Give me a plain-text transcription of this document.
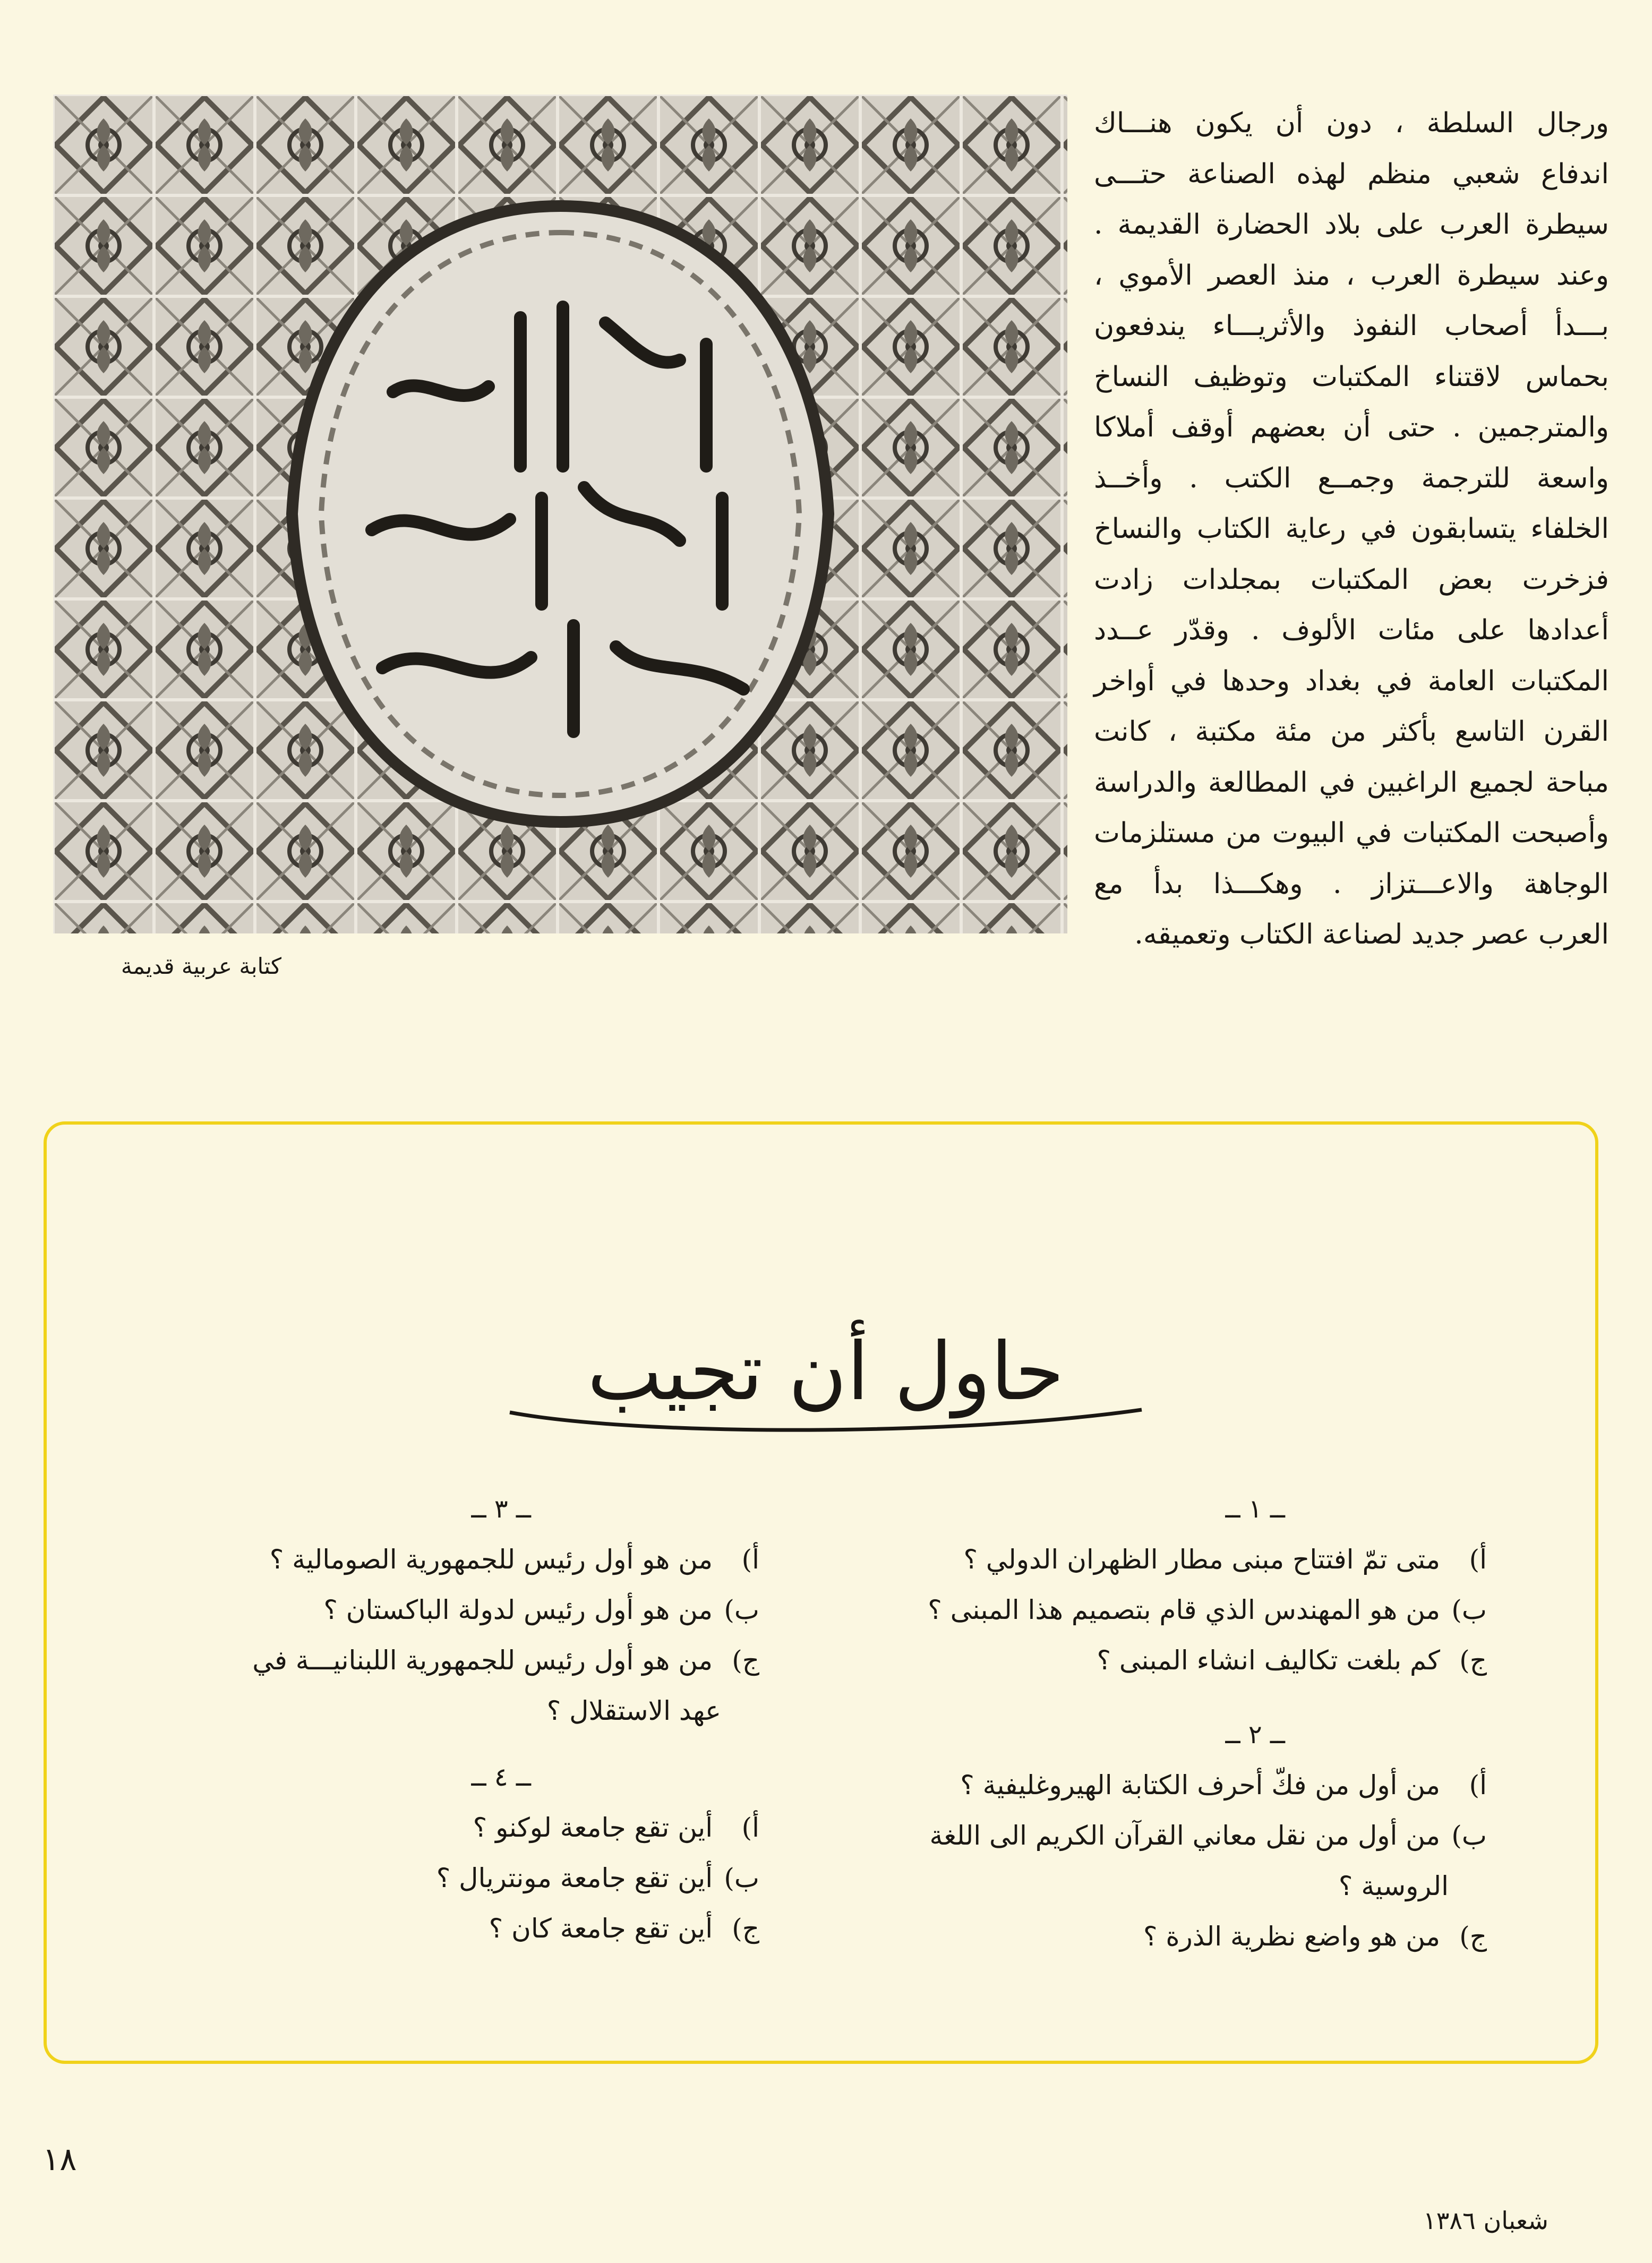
كتابة عربية قديمة
ورجال السلطة ، دون أن يكون هنـــاك
اندفاع شعبي منظم لهذه الصناعة حتـــى
سيطرة العرب على بلاد الحضارة القديمة .
وعند سيطرة العرب ، منذ العصر الأموي ،
بـــدأ أصحاب النفوذ والأثريـــاء يندفعون
بحماس لاقتناء المكتبات وتوظيف النساخ
والمترجمين . حتى أن بعضهم أوقف أملاكا
واسعة للترجمة وجمــع الكتب . وأخــذ
الخلفاء يتسابقون في رعاية الكتاب والنساخ
فزخرت بعض المكتبات بمجلدات زادت
أعدادها على مئات الألوف . وقدّر عــدد
المكتبات العامة في بغداد وحدها في أواخر
القرن التاسع بأكثر من مئة مكتبة ، كانت
مباحة لجميع الراغبين في المطالعة والدراسة
وأصبحت المكتبات في البيوت من مستلزمات
الوجاهة والاعـــتزاز . وهكـــذا بدأ مع
العرب عصر جديد لصناعة الكتاب وتعميقه.
حاول أن تجيب
ــ ١ ــ
أ) متى تمّ افتتاح مبنى مطار الظهران الدولي ؟
ب) من هو المهندس الذي قام بتصميم هذا المبنى ؟
ج) كم بلغت تكاليف انشاء المبنى ؟
ــ ٢ ــ
أ) من أول من فكّ أحرف الكتابة الهيروغليفية ؟
ب) من أول من نقل معاني القرآن الكريم الى اللغة
الروسية ؟
ج) من هو واضع نظرية الذرة ؟
ــ ٣ ــ
أ) من هو أول رئيس للجمهورية الصومالية ؟
ب) من هو أول رئيس لدولة الباكستان ؟
ج) من هو أول رئيس للجمهورية اللبنانيـــة في
عهد الاستقلال ؟
ــ ٤ ــ
أ) أين تقع جامعة لوكنو ؟
ب) أين تقع جامعة مونتريال ؟
ج) أين تقع جامعة كان ؟
١٨
شعبان ١٣٨٦
